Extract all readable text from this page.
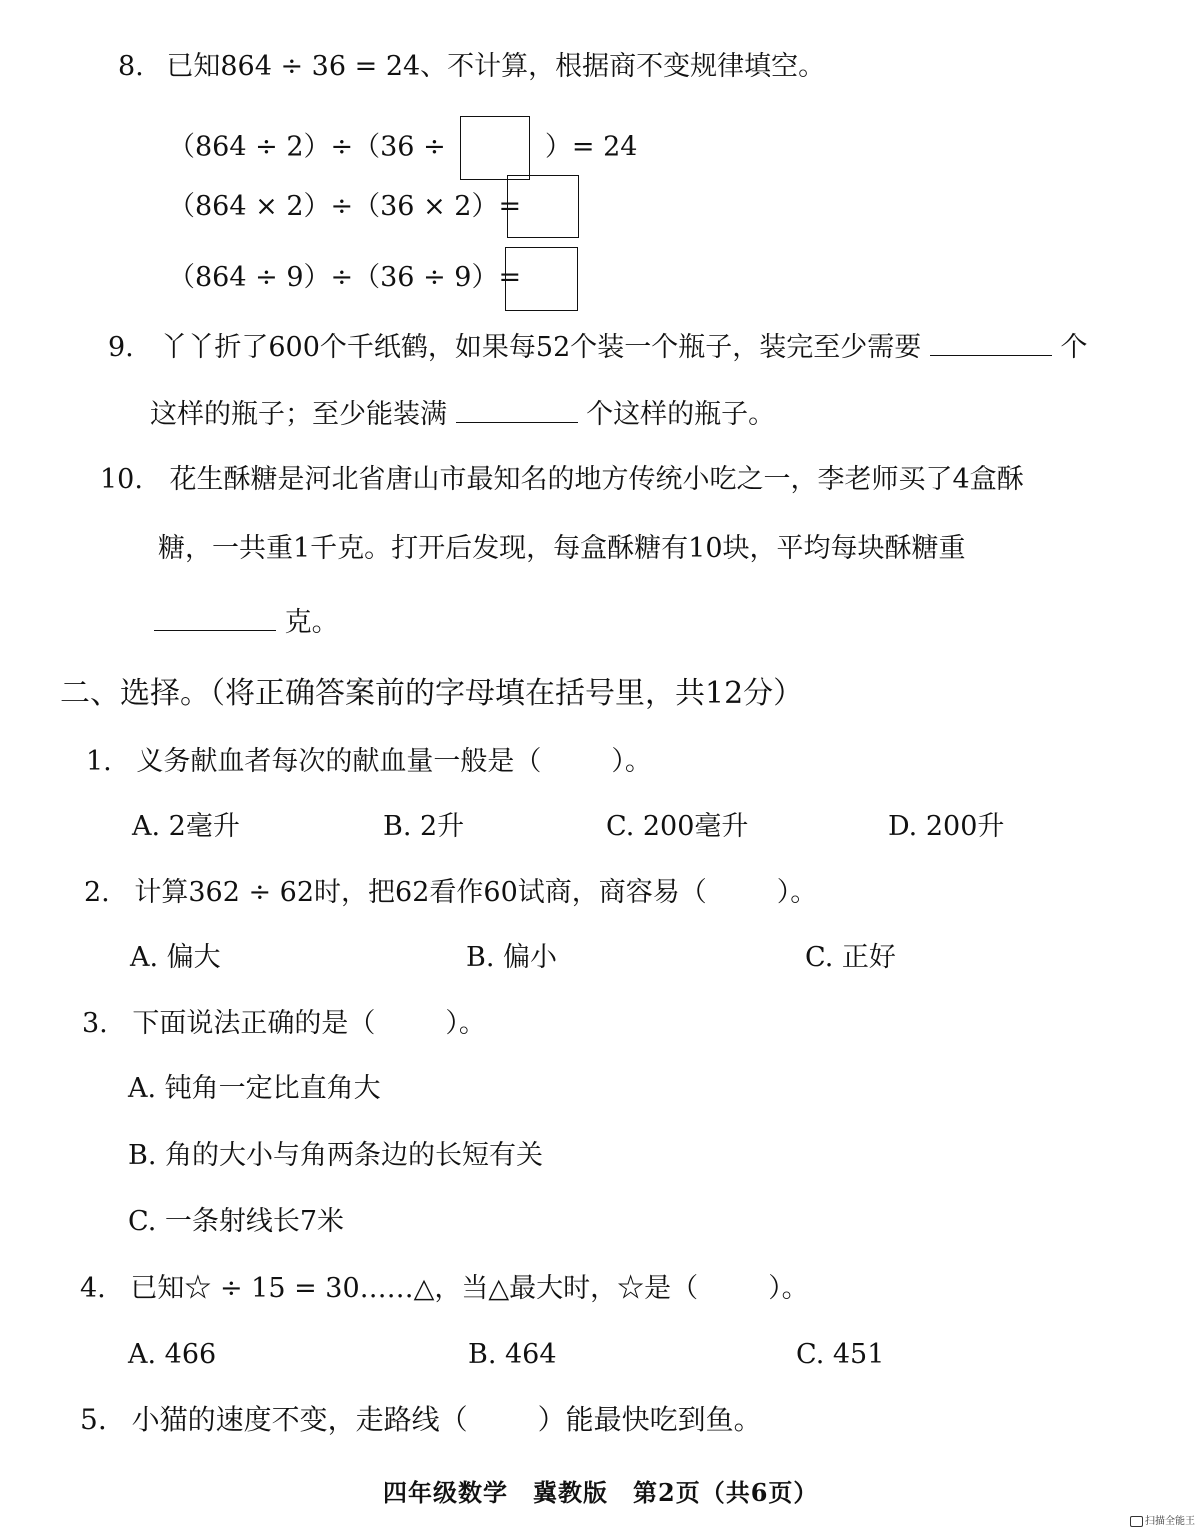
8. 已知864 ÷ 36 = 24、不计算，根据商不变规律填空。
（864 ÷ 2）÷（36 ÷	）= 24
（864 × 2）÷（36 × 2）=
（864 ÷ 9）÷（36 ÷ 9）=
9. 丫丫折了600个千纸鹤，如果每52个装一个瓶子，装完至少需要	个
这样的瓶子；至少能装满	个这样的瓶子。
10. 花生酥糖是河北省唐山市最知名的地方传统小吃之一，李老师买了4盒酥
糖，一共重1千克。打开后发现，每盒酥糖有10块，平均每块酥糖重
克。
二、选择。（将正确答案前的字母填在括号里，共12分）
1. 义务献血者每次的献血量一般是（	）。
A. 2毫升	B. 2升	C. 200毫升	D. 200升
2. 计算362 ÷ 62时，把62看作60试商，商容易（	）。
A. 偏大	B. 偏小	C. 正好
3. 下面说法正确的是（	）。
A. 钝角一定比直角大
B. 角的大小与角两条边的长短有关
C. 一条射线长7米
4. 已知☆ ÷ 15 = 30……△，当△最大时，☆是（	）。
A. 466	B. 464	C. 451
5. 小猫的速度不变，走路线（	）能最快吃到鱼。
四年级数学　冀教版　第2页（共6页）
扫描全能王
